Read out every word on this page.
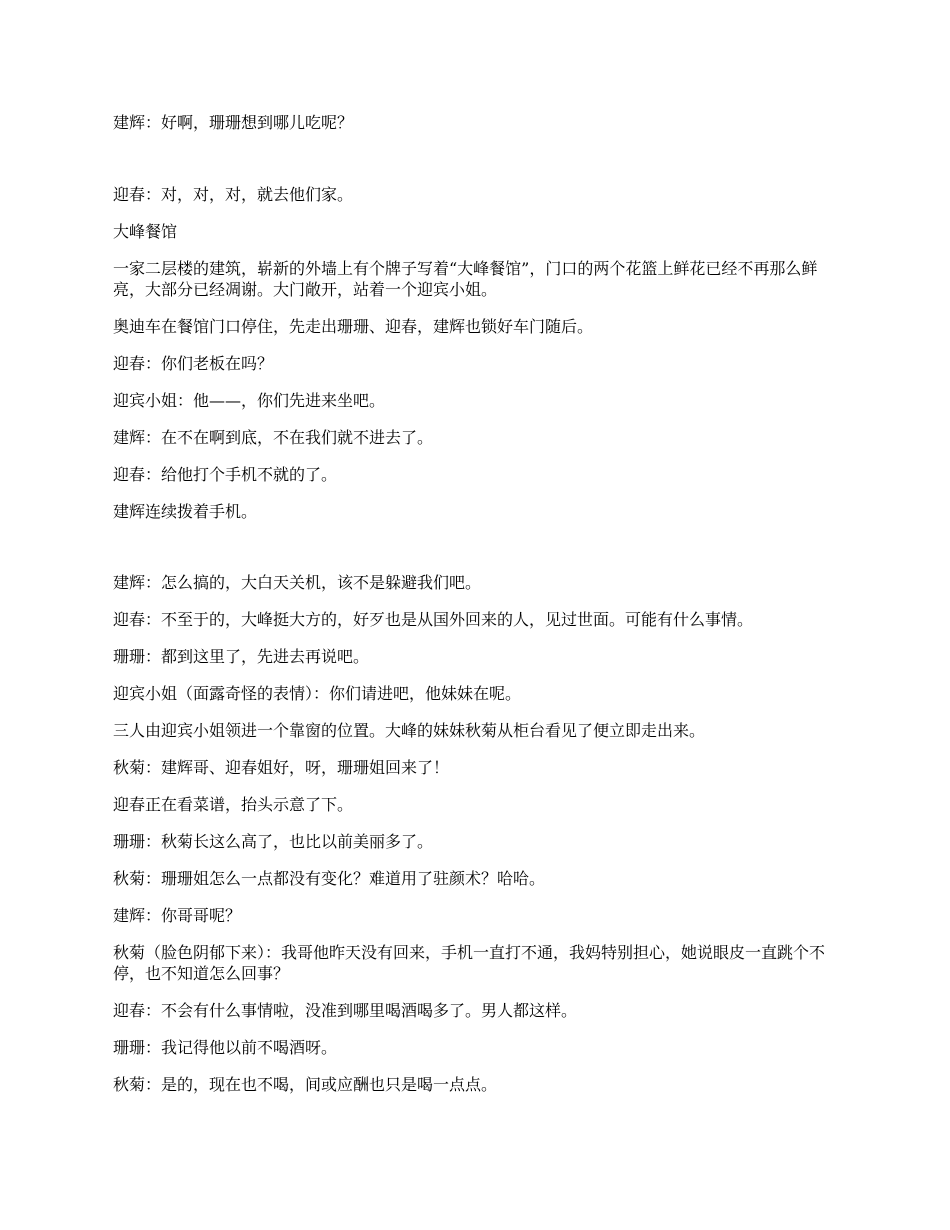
建辉：好啊，珊珊想到哪儿吃呢？

迎春：对，对，对，就去他们家。

大峰餐馆

一家二层楼的建筑，崭新的外墙上有个牌子写着“大峰餐馆”，门口的两个花篮上鲜花已经不再那么鲜亮，大部分已经凋谢。大门敞开，站着一个迎宾小姐。

奥迪车在餐馆门口停住，先走出珊珊、迎春，建辉也锁好车门随后。

迎春：你们老板在吗？

迎宾小姐：他——，你们先进来坐吧。

建辉：在不在啊到底，不在我们就不进去了。

迎春：给他打个手机不就的了。

建辉连续拨着手机。

建辉：怎么搞的，大白天关机，该不是躲避我们吧。

迎春：不至于的，大峰挺大方的，好歹也是从国外回来的人，见过世面。可能有什么事情。

珊珊：都到这里了，先进去再说吧。

迎宾小姐（面露奇怪的表情）：你们请进吧，他妹妹在呢。

三人由迎宾小姐领进一个靠窗的位置。大峰的妹妹秋菊从柜台看见了便立即走出来。

秋菊：建辉哥、迎春姐好，呀，珊珊姐回来了！

迎春正在看菜谱，抬头示意了下。

珊珊：秋菊长这么高了，也比以前美丽多了。

秋菊：珊珊姐怎么一点都没有变化？难道用了驻颜术？哈哈。

建辉：你哥哥呢？

秋菊（脸色阴郁下来）：我哥他昨天没有回来，手机一直打不通，我妈特别担心，她说眼皮一直跳个不停，也不知道怎么回事？

迎春：不会有什么事情啦，没准到哪里喝酒喝多了。男人都这样。

珊珊：我记得他以前不喝酒呀。

秋菊：是的，现在也不喝，间或应酬也只是喝一点点。
